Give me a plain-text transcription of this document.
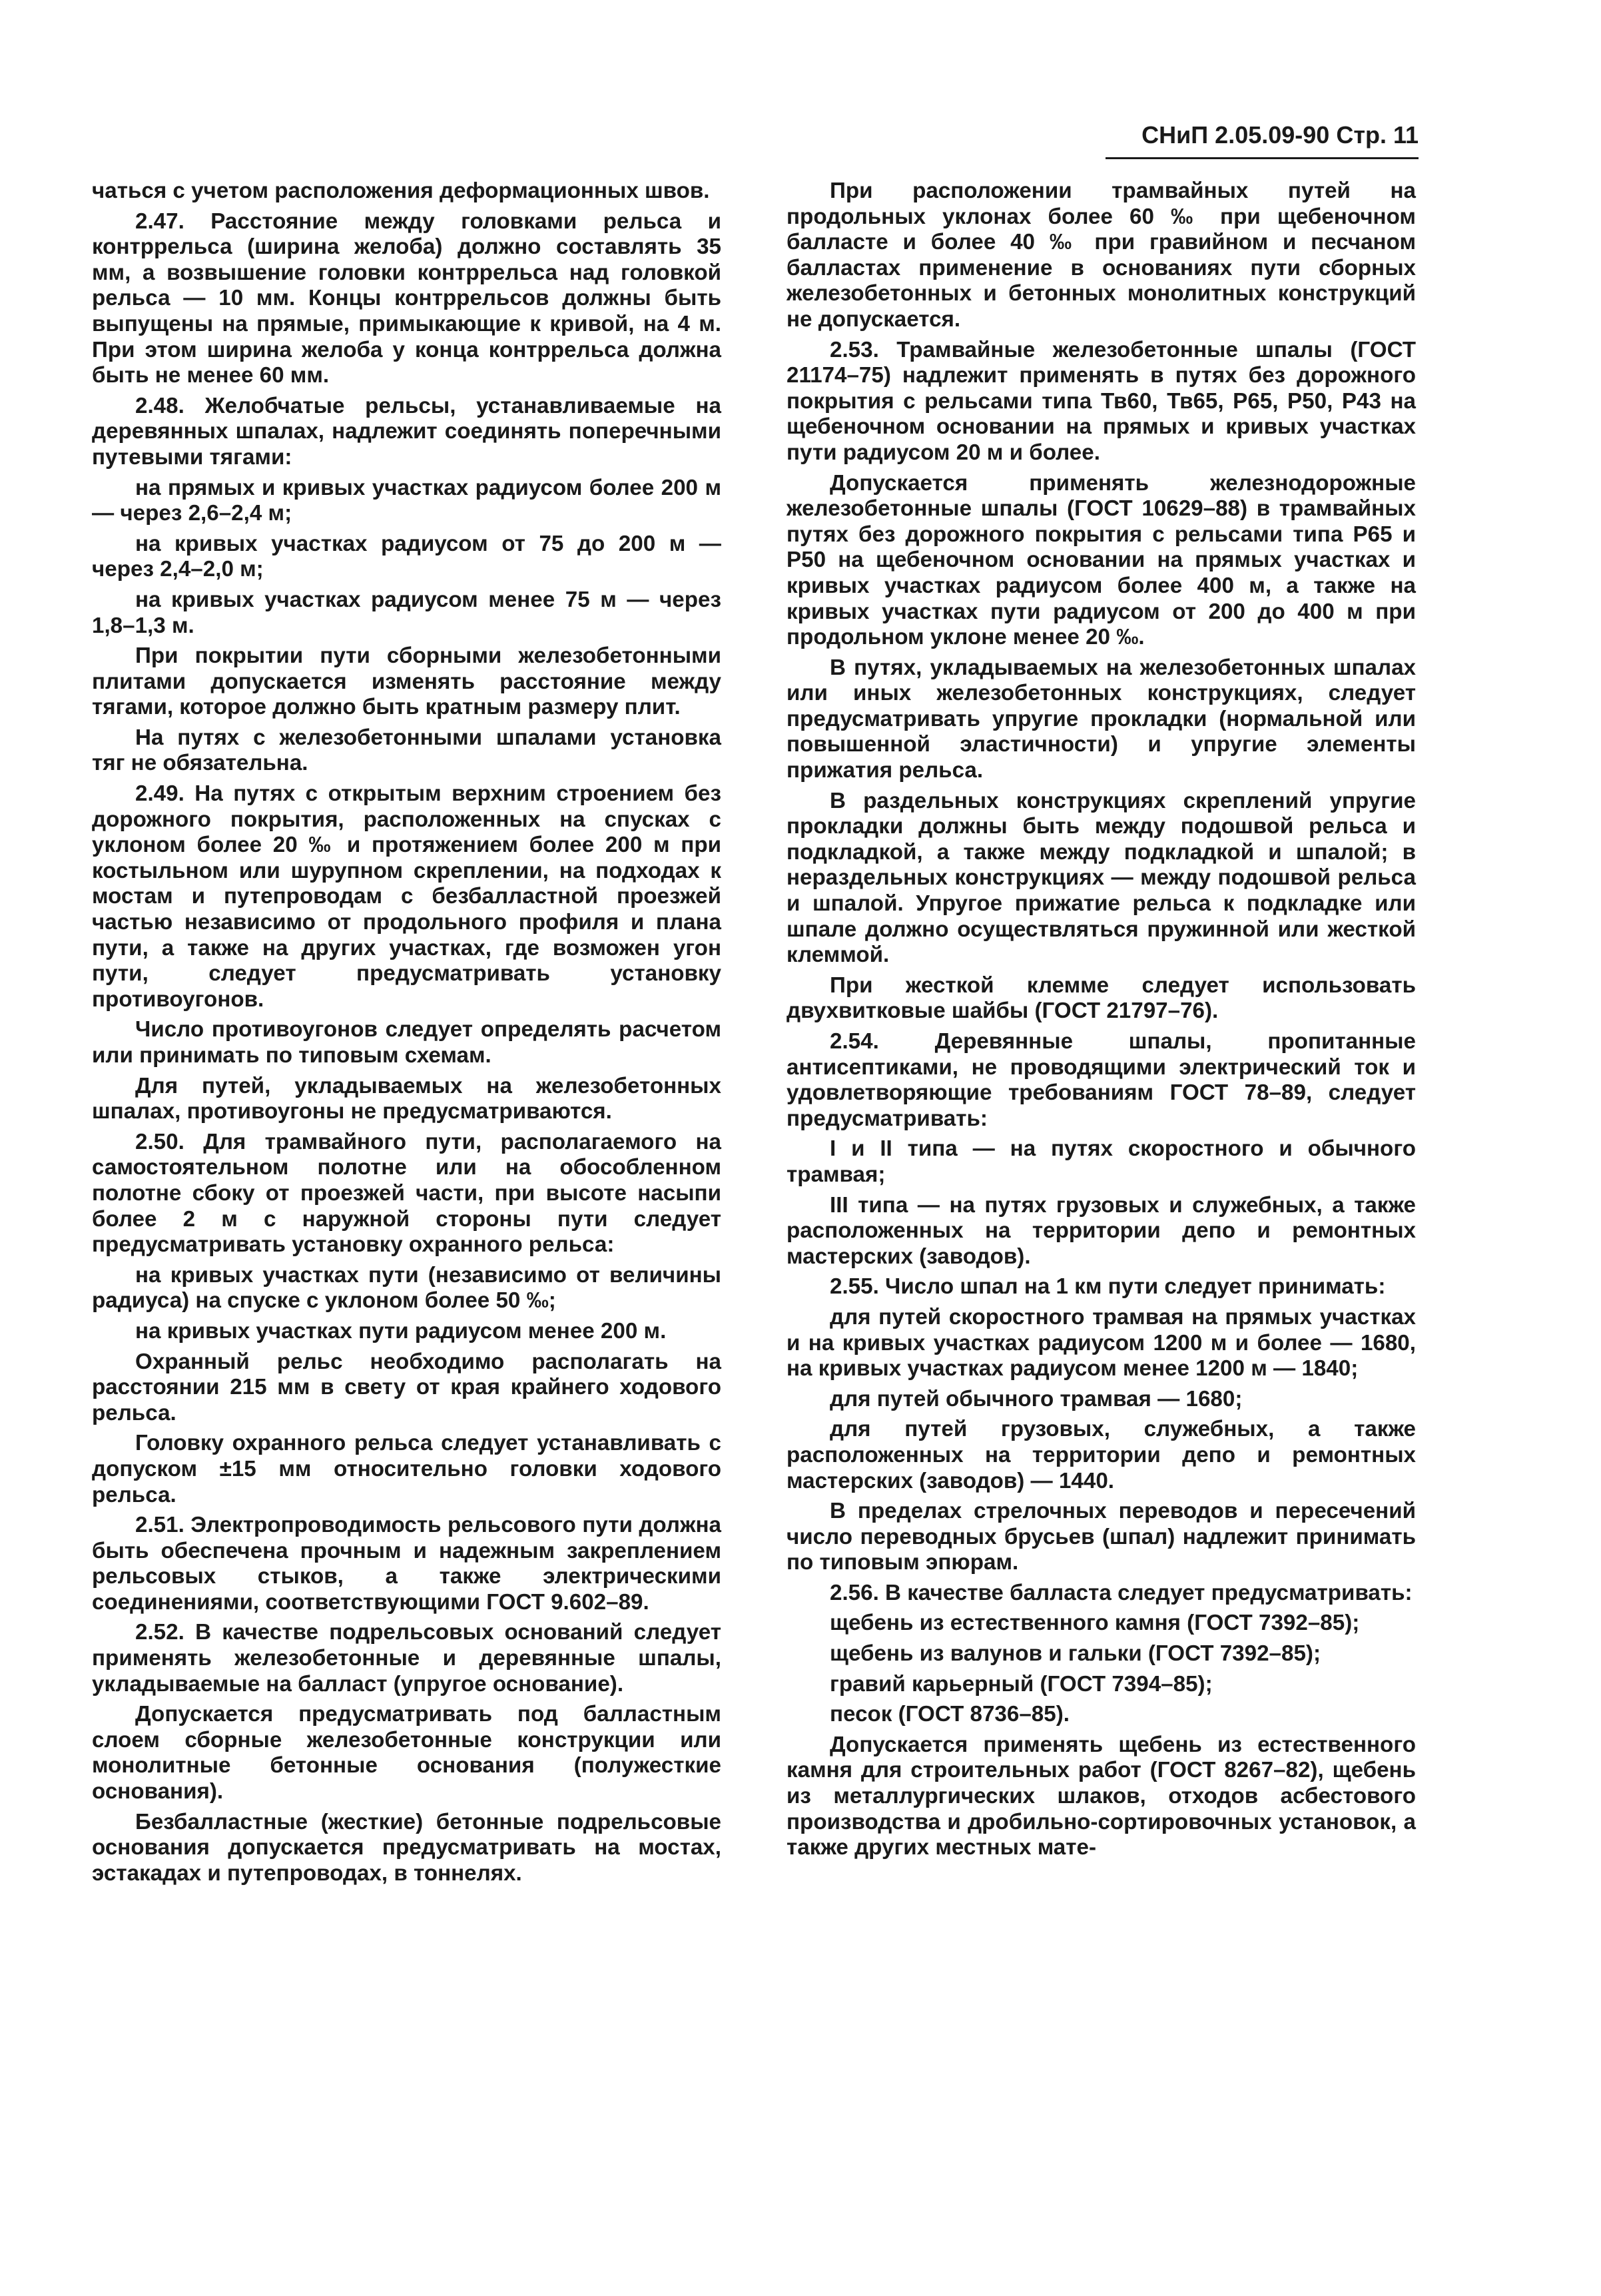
СНиП 2.05.09-90 Стр. 11

чаться с учетом расположения деформационных швов.

2.47. Расстояние между головками рельса и контррельса (ширина желоба) должно составлять 35 мм, а возвышение головки контррельса над головкой рельса — 10 мм. Концы контррельсов должны быть выпущены на прямые, примыкающие к кривой, на 4 м. При этом ширина желоба у конца контррельса должна быть не менее 60 мм.

2.48. Желобчатые рельсы, устанавливаемые на деревянных шпалах, надлежит соединять поперечными путевыми тягами:

на прямых и кривых участках радиусом более 200 м — через 2,6–2,4 м;

на кривых участках радиусом от 75 до 200 м — через 2,4–2,0 м;

на кривых участках радиусом менее 75 м — через 1,8–1,3 м.

При покрытии пути сборными железобетонными плитами допускается изменять расстояние между тягами, которое должно быть кратным размеру плит.

На путях с железобетонными шпалами установка тяг не обязательна.

2.49. На путях с открытым верхним строением без дорожного покрытия, расположенных на спусках с уклоном более 20 ‰ и протяжением более 200 м при костыльном или шурупном скреплении, на подходах к мостам и путепроводам с безбалластной проезжей частью независимо от продольного профиля и плана пути, а также на других участках, где возможен угон пути, следует предусматривать установку противоугонов.

Число противоугонов следует определять расчетом или принимать по типовым схемам.

Для путей, укладываемых на железобетонных шпалах, противоугоны не предусматриваются.

2.50. Для трамвайного пути, располагаемого на самостоятельном полотне или на обособленном полотне сбоку от проезжей части, при высоте насыпи более 2 м с наружной стороны пути следует предусматривать установку охранного рельса:

на кривых участках пути (независимо от величины радиуса) на спуске с уклоном более 50 ‰;

на кривых участках пути радиусом менее 200 м.

Охранный рельс необходимо располагать на расстоянии 215 мм в свету от края крайнего ходового рельса.

Головку охранного рельса следует устанавливать с допуском ±15 мм относительно головки ходового рельса.

2.51. Электропроводимость рельсового пути должна быть обеспечена прочным и надежным закреплением рельсовых стыков, а также электрическими соединениями, соответствующими ГОСТ 9.602–89.

2.52. В качестве подрельсовых оснований следует применять железобетонные и деревянные шпалы, укладываемые на балласт (упругое основание).

Допускается предусматривать под балластным слоем сборные железобетонные конструкции или монолитные бетонные основания (полужесткие основания).

Безбалластные (жесткие) бетонные подрельсовые основания допускается предусматривать на мостах, эстакадах и путепроводах, в тоннелях.

При расположении трамвайных путей на продольных уклонах более 60 ‰ при щебеночном балласте и более 40 ‰ при гравийном и песчаном балластах применение в основаниях пути сборных железобетонных и бетонных монолитных конструкций не допускается.

2.53. Трамвайные железобетонные шпалы (ГОСТ 21174–75) надлежит применять в путях без дорожного покрытия с рельсами типа Тв60, Тв65, Р65, Р50, Р43 на щебеночном основании на прямых и кривых участках пути радиусом 20 м и более.

Допускается применять железнодорожные железобетонные шпалы (ГОСТ 10629–88) в трамвайных путях без дорожного покрытия с рельсами типа Р65 и Р50 на щебеночном основании на прямых участках и кривых участках радиусом более 400 м, а также на кривых участках пути радиусом от 200 до 400 м при продольном уклоне менее 20 ‰.

В путях, укладываемых на железобетонных шпалах или иных железобетонных конструкциях, следует предусматривать упругие прокладки (нормальной или повышенной эластичности) и упругие элементы прижатия рельса.

В раздельных конструкциях скреплений упругие прокладки должны быть между подошвой рельса и подкладкой, а также между подкладкой и шпалой; в нераздельных конструкциях — между подошвой рельса и шпалой. Упругое прижатие рельса к подкладке или шпале должно осуществляться пружинной или жесткой клеммой.

При жесткой клемме следует использовать двухвитковые шайбы (ГОСТ 21797–76).

2.54. Деревянные шпалы, пропитанные антисептиками, не проводящими электрический ток и удовлетворяющие требованиям ГОСТ 78–89, следует предусматривать:

I и II типа — на путях скоростного и обычного трамвая;

III типа — на путях грузовых и служебных, а также расположенных на территории депо и ремонтных мастерских (заводов).

2.55. Число шпал на 1 км пути следует принимать:

для путей скоростного трамвая на прямых участках и на кривых участках радиусом 1200 м и более — 1680, на кривых участках радиусом менее 1200 м — 1840;

для путей обычного трамвая — 1680;

для путей грузовых, служебных, а также расположенных на территории депо и ремонтных мастерских (заводов) — 1440.

В пределах стрелочных переводов и пересечений число переводных брусьев (шпал) надлежит принимать по типовым эпюрам.

2.56. В качестве балласта следует предусматривать:

щебень из естественного камня (ГОСТ 7392–85);

щебень из валунов и гальки (ГОСТ 7392–85);

гравий карьерный (ГОСТ 7394–85);

песок (ГОСТ 8736–85).

Допускается применять щебень из естественного камня для строительных работ (ГОСТ 8267–82), щебень из металлургических шлаков, отходов асбестового производства и дробильно-сортировочных установок, а также других местных мате-
